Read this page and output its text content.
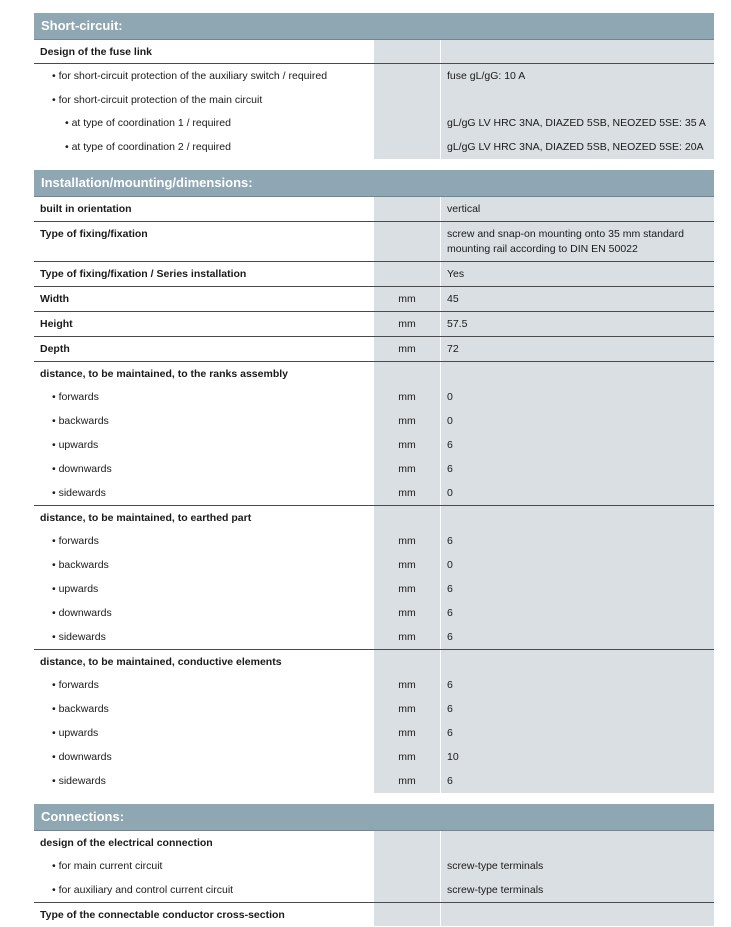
Short-circuit:
Design of the fuse link
• for short-circuit protection of the auxiliary switch / required	fuse gL/gG: 10 A
• for short-circuit protection of the main circuit
• at type of coordination 1 / required	gL/gG LV HRC 3NA, DIAZED 5SB, NEOZED 5SE: 35 A
• at type of coordination 2 / required	gL/gG LV HRC 3NA, DIAZED 5SB, NEOZED 5SE: 20A
Installation/mounting/dimensions:
built in orientation	vertical
Type of fixing/fixation	screw and snap-on mounting onto 35 mm standard mounting rail according to DIN EN 50022
Type of fixing/fixation / Series installation	Yes
Width	mm	45
Height	mm	57.5
Depth	mm	72
distance, to be maintained, to the ranks assembly
• forwards	mm	0
• backwards	mm	0
• upwards	mm	6
• downwards	mm	6
• sidewards	mm	0
distance, to be maintained, to earthed part
• forwards	mm	6
• backwards	mm	0
• upwards	mm	6
• downwards	mm	6
• sidewards	mm	6
distance, to be maintained, conductive elements
• forwards	mm	6
• backwards	mm	6
• upwards	mm	6
• downwards	mm	10
• sidewards	mm	6
Connections:
design of the electrical connection
• for main current circuit	screw-type terminals
• for auxiliary and control current circuit	screw-type terminals
Type of the connectable conductor cross-section
